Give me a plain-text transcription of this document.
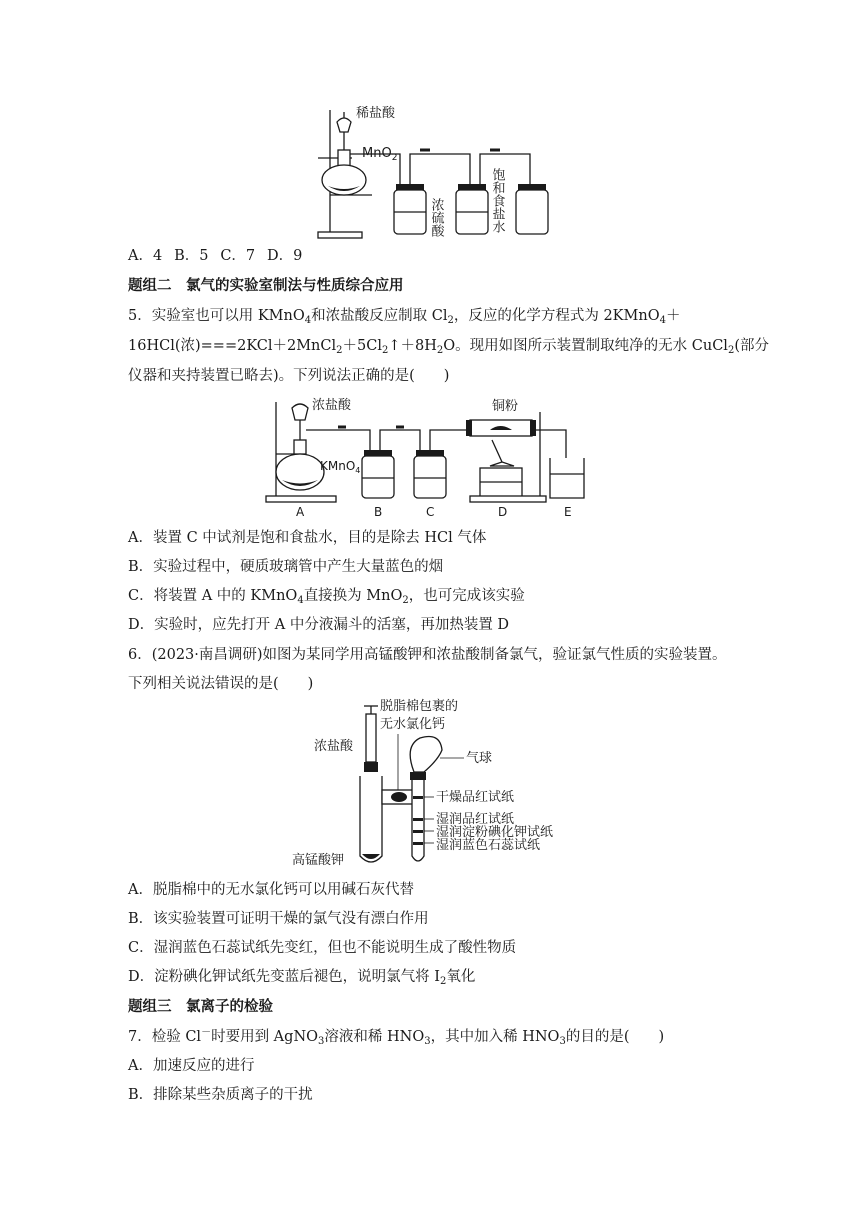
稀盐酸
MnO$_2$
浓硫酸	饱和食盐水
A．4  B．5  C．7  D．9
题组二　氯气的实验室制法与性质综合应用
5．实验室也可以用 KMnO$_4$和浓盐酸反应制取 $Cl_2$，反应的化学方程式为 2KMnO$_4$＋
16HCl(浓)$===2KCl+2MnCl_2+5Cl_2↑+8H_2O$。现用如图所示装置制取纯净的无水 CuCl$_2$(部分
仪器和夹持装置已略去)。下列说法正确的是(　　)
浓盐酸
KMnO$_4$
铜粉
A	B	C	D	E
A．装置 C 中试剂是饱和食盐水，目的是除去 HCl 气体
B．实验过程中，硬质玻璃管中产生大量蓝色的烟
C．将装置 A 中的 KMnO$_4$直接换为 MnO$_2$，也可完成该实验
D．实验时，应先打开 A 中分液漏斗的活塞，再加热装置 D
6．(2023·南昌调研)如图为某同学用高锰酸钾和浓盐酸制备氯气，验证氯气性质的实验装置。
下列相关说法错误的是(　　)
脱脂棉包裹的
无水氯化钙
浓盐酸
气球
干燥品红试纸
湿润品红试纸
湿润淀粉碘化钾试纸
湿润蓝色石蕊试纸
高锰酸钾
A．脱脂棉中的无水氯化钙可以用碱石灰代替
B．该实验装置可证明干燥的氯气没有漂白作用
C．湿润蓝色石蕊试纸先变红，但也不能说明生成了酸性物质
D．淀粉碘化钾试纸先变蓝后褪色，说明氯气将 $I_2$氧化
题组三　氯离子的检验
7．检验 Cl－时要用到 AgNO$_3$溶液和稀 $HNO_3$，其中加入稀 $HNO_3$的目的是(　　)
A．加速反应的进行
B．排除某些杂质离子的干扰
